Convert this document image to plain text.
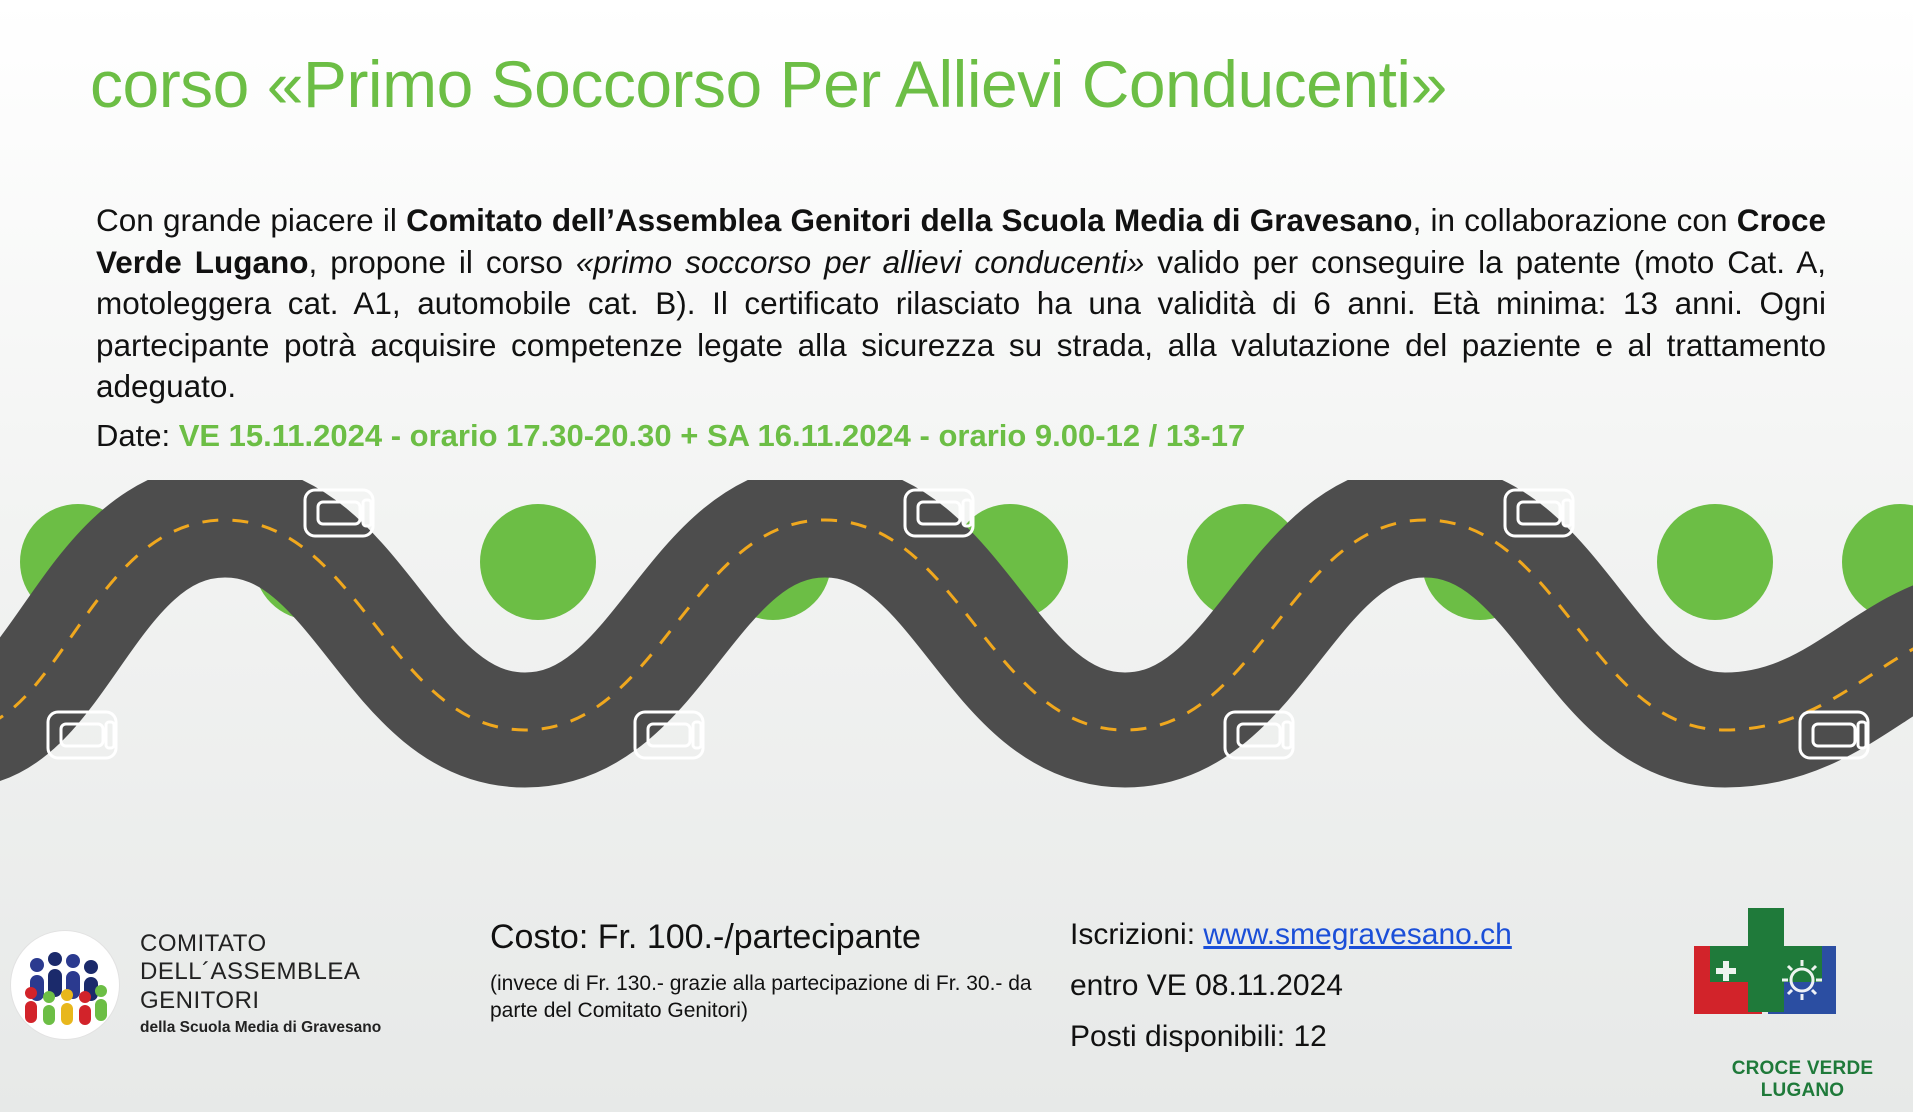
corso «Primo Soccorso Per Allievi Conducenti»
Con grande piacere il Comitato dell’Assemblea Genitori della Scuola Media di Gravesano, in collaborazione con Croce Verde Lugano, propone il corso «primo soccorso per allievi conducenti» valido per conseguire la patente (moto Cat. A, motoleggera cat. A1, automobile cat. B). Il certificato rilasciato ha una validità di 6 anni. Età minima: 13 anni. Ogni partecipante potrà acquisire competenze legate alla sicurezza su strada, alla valutazione del paziente e al trattamento adeguato.
Date: VE 15.11.2024 - orario 17.30-20.30 + SA 16.11.2024 - orario 9.00-12 / 13-17
COMITATO
DELL´ASSEMBLEA
GENITORI
della Scuola Media di Gravesano
Costo: Fr. 100.-/partecipante
(invece di Fr. 130.- grazie alla partecipazione di Fr. 30.- da parte del Comitato Genitori)
Iscrizioni: www.smegravesano.ch
entro VE 08.11.2024
Posti disponibili: 12
CROCE VERDE LUGANO
